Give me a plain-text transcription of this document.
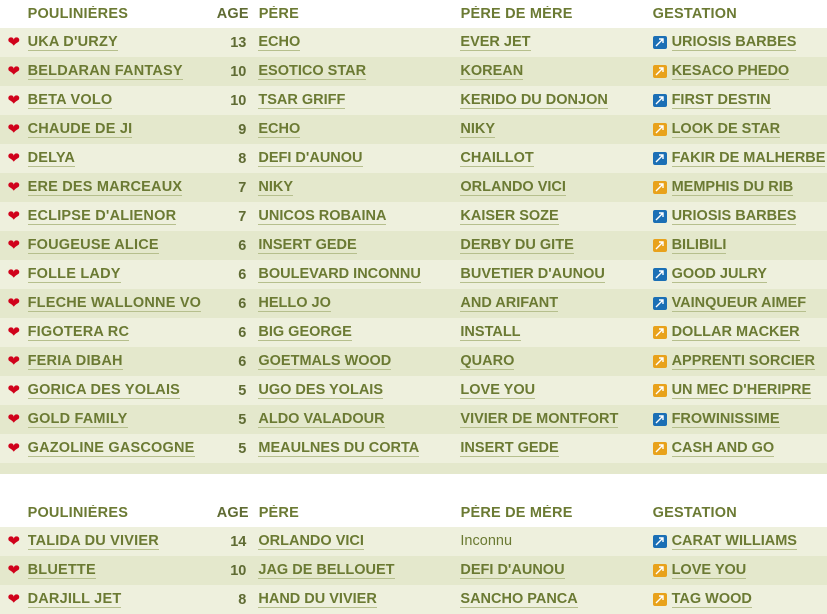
POULINIÈRES	AGE PÈRE	PÈRE DE MÈRE	GESTATION
❤ UKA D'URZY	13 ECHO	EVER JET	URIOSIS BARBES
❤ BELDARAN FANTASY	10 ESOTICO STAR	KOREAN	KESACO PHEDO
❤ BETA VOLO	10 TSAR GRIFF	KERIDO DU DONJON	FIRST DESTIN
❤ CHAUDE DE JI	9 ECHO	NIKY	LOOK DE STAR
❤ DELYA	8 DEFI D'AUNOU	CHAILLOT	FAKIR DE MALHERBE
❤ ERE DES MARCEAUX	7 NIKY	ORLANDO VICI	MEMPHIS DU RIB
❤ ECLIPSE D'ALIENOR	7 UNICOS ROBAINA	KAISER SOZE	URIOSIS BARBES
❤ FOUGEUSE ALICE	6 INSERT GEDE	DERBY DU GITE	BILIBILI
❤ FOLLE LADY	6 BOULEVARD INCONNU	BUVETIER D'AUNOU	GOOD JULRY
❤ FLECHE WALLONNE VO	6 HELLO JO	AND ARIFANT	VAINQUEUR AIMEF
❤ FIGOTERA RC	6 BIG GEORGE	INSTALL	DOLLAR MACKER
❤ FERIA DIBAH	6 GOETMALS WOOD	QUARO	APPRENTI SORCIER
❤ GORICA DES YOLAIS	5 UGO DES YOLAIS	LOVE YOU	UN MEC D'HERIPRE
❤ GOLD FAMILY	5 ALDO VALADOUR	VIVIER DE MONTFORT	FROWINISSIME
❤ GAZOLINE GASCOGNE	5 MEAULNES DU CORTA	INSERT GEDE	CASH AND GO
POULINIÈRES	AGE PÈRE	PÈRE DE MÈRE	GESTATION
❤ TALIDA DU VIVIER	14 ORLANDO VICI	Inconnu	CARAT WILLIAMS
❤ BLUETTE	10 JAG DE BELLOUET	DEFI D'AUNOU	LOVE YOU
❤ DARJILL JET	8 HAND DU VIVIER	SANCHO PANCA	TAG WOOD
